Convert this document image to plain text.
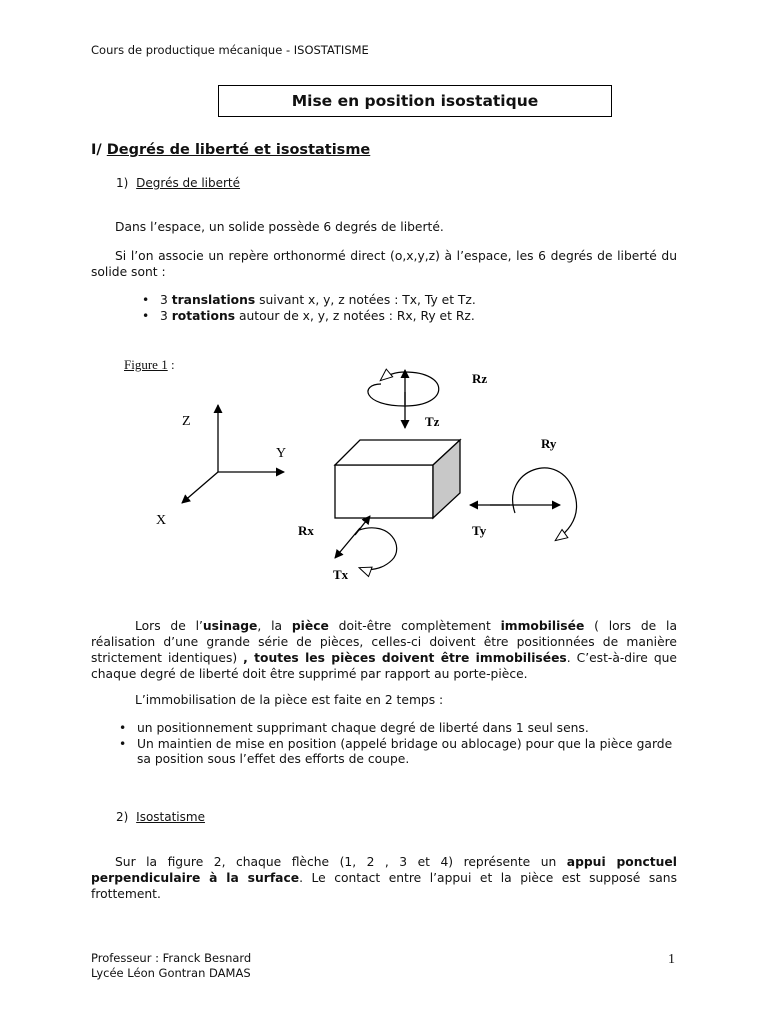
Cours de productique mécanique - ISOSTATISME
Mise en position isostatique
I/ Degrés de liberté et isostatisme
1) Degrés de liberté
Dans l’espace, un solide possède 6 degrés de liberté.
Si l’on associe un repère orthonormé direct (o,x,y,z) à l’espace, les 6 degrés de liberté du solide sont :
• 3 translations suivant x, y, z notées : Tx, Ty et Tz.
• 3 rotations autour de x, y, z notées : Rx, Ry et Rz.
Figure 1 :
Z
Y
X
Rz
Tz
Ry
Ty
Rx
Tx
Lors de l’usinage, la pièce doit-être complètement immobilisée ( lors de la réalisation d’une grande série de pièces, celles-ci doivent être positionnées de manière strictement identiques) , toutes les pièces doivent être immobilisées. C’est-à-dire que chaque degré de liberté doit être supprimé par rapport au porte-pièce.
L’immobilisation de la pièce est faite en 2 temps :
• un positionnement supprimant chaque degré de liberté dans 1 seul sens.
• Un maintien de mise en position (appelé bridage ou ablocage) pour que la pièce garde sa position sous l’effet des efforts de coupe.
2) Isostatisme
Sur la figure 2, chaque flèche (1, 2 , 3 et 4) représente un appui ponctuel perpendiculaire à la surface. Le contact entre l’appui et la pièce est supposé sans frottement.
Professeur : Franck Besnard
Lycée Léon Gontran DAMAS
1
